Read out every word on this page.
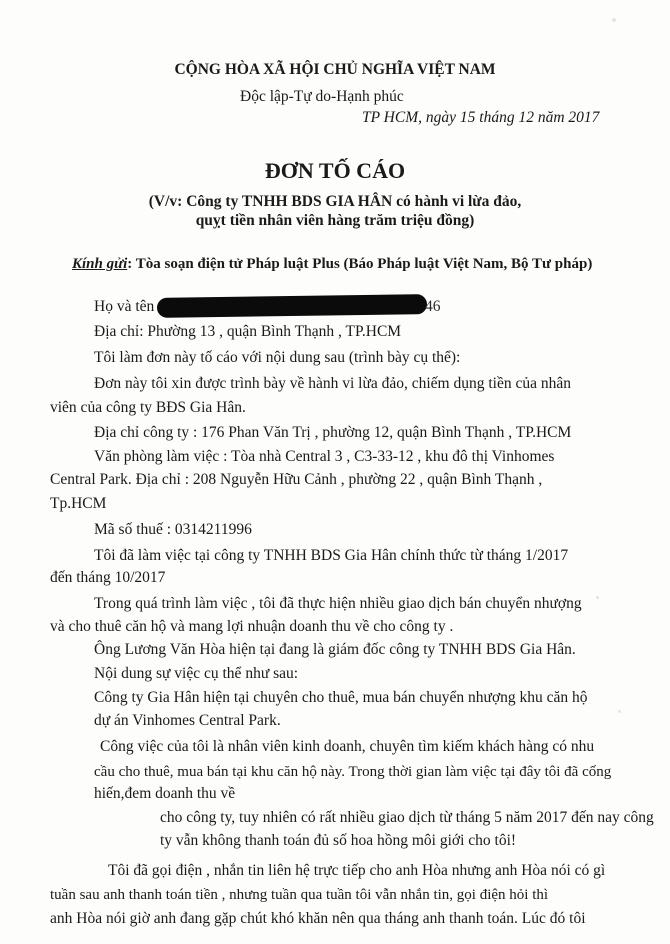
CỘNG HÒA XÃ HỘI CHỦ NGHĨA VIỆT NAM
Độc lập-Tự do-Hạnh phúc
TP HCM, ngày 15 tháng 12 năm 2017
ĐƠN TỐ CÁO
(V/v: Công ty TNHH BDS GIA HÂN có hành vi lừa đảo,
quỵt tiền nhân viên hàng trăm triệu đồng)
Kính gửi: Tòa soạn điện tử Pháp luật Plus (Báo Pháp luật Việt Nam, Bộ Tư pháp)
Họ và tên	46
Địa chỉ: Phường 13 , quận Bình Thạnh , TP.HCM
Tôi làm đơn này tố cáo với nội dung sau (trình bày cụ thể):
Đơn này tôi xin được trình bày về hành vi lừa đảo, chiếm dụng tiền của nhân
viên của công ty BĐS Gia Hân.
Địa chỉ công ty : 176 Phan Văn Trị , phường 12, quận Bình Thạnh , TP.HCM
Văn phòng làm việc : Tòa nhà Central 3 , C3-33-12 , khu đô thị Vinhomes
Central Park. Địa chỉ : 208 Nguyễn Hữu Cảnh , phường 22 , quận Bình Thạnh ,
Tp.HCM
Mã số thuế : 0314211996
Tôi đã làm việc tại công ty TNHH BDS Gia Hân chính thức từ tháng 1/2017
đến tháng 10/2017
Trong quá trình làm việc , tôi đã thực hiện nhiều giao dịch bán chuyển nhượng
và cho thuê căn hộ và mang lợi nhuận doanh thu về cho công ty .
Ông Lương Văn Hòa hiện tại đang là giám đốc công ty TNHH BDS Gia Hân.
Nội dung sự việc cụ thể như sau:
Công ty Gia Hân hiện tại chuyên cho thuê, mua bán chuyển nhượng khu căn hộ
dự án Vinhomes Central Park.
Công việc của tôi là nhân viên kinh doanh, chuyên tìm kiếm khách hàng có nhu
cầu cho thuê, mua bán tại khu căn hộ này. Trong thời gian làm việc tại đây tôi đã cống
hiến,đem doanh thu về
cho công ty, tuy nhiên có rất nhiều giao dịch từ tháng 5 năm 2017 đến nay công
ty vẫn không thanh toán đủ số hoa hồng môi giới cho tôi!
Tôi đã gọi điện , nhắn tin liên hệ trực tiếp cho anh Hòa nhưng anh Hòa nói có gì
tuần sau anh thanh toán tiền , nhưng tuần qua tuần tôi vẫn nhắn tin, gọi điện hỏi thì
anh Hòa nói giờ anh đang gặp chút khó khăn nên qua tháng anh thanh toán. Lúc đó tôi
